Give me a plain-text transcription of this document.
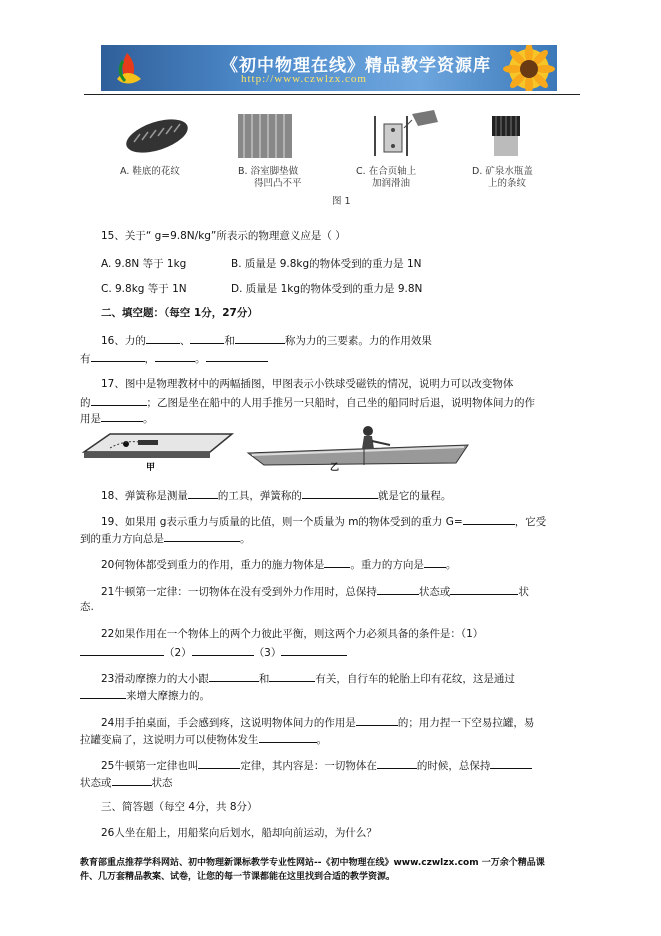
《初中物理在线》精品教学资源库
http://www.czwlzx.com
A. 鞋底的花纹	B. 浴室脚垫做
得凹凸不平
C. 在合页轴上
加润滑油
D. 矿泉水瓶盖
上的条纹
图 1
15、关于“ g=9.8N/kg”所表示的物理意义应是（ ）
A. 9.8N 等于 1kg	B. 质量是 9.8kg的物体受到的重力是 1N
C. 9.8kg 等于 1N	D. 质量是 1kg的物体受到的重力是 9.8N
二、填空题：（每空 1分，27分）
16、力的	、	和	称为力的三要素。力的作用效果
有	，	。
17、图中是物理教材中的两幅插图，甲图表示小铁球受磁铁的情况，说明力可以改变物体
的	；乙图是坐在船中的人用手推另一只船时，自己坐的船同时后退，说明物体间力的作
用是	。
甲	乙
18、弹簧称是测量	的工具，弹簧称的	就是它的量程。
19、如果用 g表示重力与质量的比值，则一个质量为 m的物体受到的重力 G=	，它受
到的重力方向总是	。
20何物体都受到重力的作用，重力的施力物体是 。重力的方向是 。
21牛顿第一定律：一切物体在没有受到外力作用时，总保持	状态或	状
态.
22如果作用在一个物体上的两个力彼此平衡，则这两个力必须具备的条件是：（1）
（2）	（3）
23滑动摩擦力的大小跟	和	有关，自行车的轮胎上印有花纹，这是通过
来增大摩擦力的。
24用手拍桌面，手会感到疼，这说明物体间力的作用是	的；用力捏一下空易拉罐，易
拉罐变扁了，这说明力可以使物体发生	。
25牛顿第一定律也叫	定律，其内容是：一切物体在	的时候，总保持
状态或	状态
三、简答题（每空 4分，共 8分）
26人坐在船上，用船桨向后划水，船却向前运动，为什么？
教育部重点推荐学科网站、初中物理新课标教学专业性网站--《初中物理在线》www.czwlzx.com 一万余个精品课
件、几万套精品教案、试卷，让您的每一节课都能在这里找到合适的教学资源。
